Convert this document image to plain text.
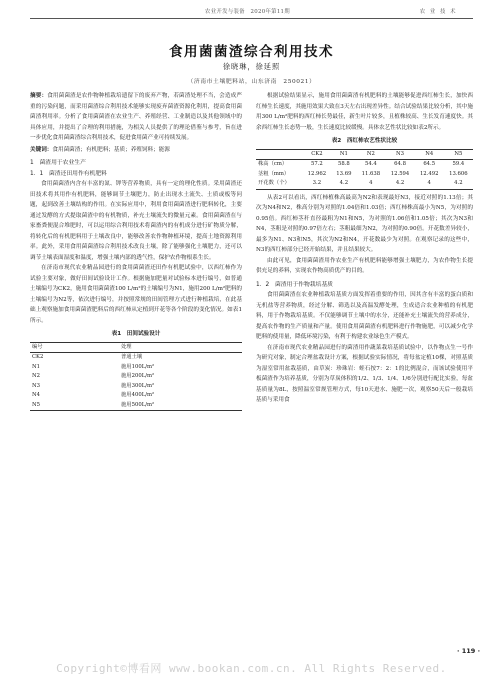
农业开发与装备　2020年第11期	农 业 技 术
食用菌菌渣综合利用技术
徐晓琳，徐延照
（济南市土壤肥料站，山东济南　250021）

摘要：食用菌菌渣是农作物种植栽培遗留下的废弃产物，若菌渣处理不当，会造成严重的污染问题，而采用菌渣综合利用技术能够实现废弃菌渣资源化利用，提高食用菌菌渣利用率。分析了食用菌菌渣在农业生产、养殖经营、工业制造以及其他领域中的具体应用，并提出了合理的利用措施，为相关人员提供了的理论借鉴与参考，旨在进一步优化食用菌菌渣综合利用技术，促进食用菌产业可持续发展。

关键词：食用菌菌渣；有机肥料；基质；养殖饲料；能源

1　菌渣用于农业生产

1．1　菌渣还田用作有机肥料

食用菌菌渣内含有丰富的氮、钾等营养物质，具有一定的理化性质。采用菌渣还田技术将其用作有机肥料，能够调节土壤肥力，防止出现水土流失、土质或板等问题，起到改善土壤结构的作用。在实际应用中，利用食用菌菌渣进行肥料转化，主要通过发酵的方式提取菌渣中的有机物质，补充土壤流失的微量元素。食用菌菌渣在与家畜粪便混合堆肥时，可以运用综合利用技术将菌渣内的有机成分进行矿物质分解，将转化后的有机肥料用于土壤改良中，能够改善农作物种植环境，提高土地资源利用率。此外，采用食用菌菌渣综合利用技术改良土壤，除了能够强化土壤肥力，还可以调节土壤表面湿度和温度，增强土壤内部的透气性，保护农作物根系生长。

在济南市现代农业精品园进行的食用菌菌渣还田作有机肥试验中，以西红柿作为试验主要对象，做好田间试验设计工作。根据施加肥量对试验标本进行编号，如普通土壤编号为CK2，施用食用菌菌渣100 L/m²的土壤编号为N1，施用200 L/m²肥料的土壤编号为N2等，依次进行编号，并按照常规的田间管理方式进行种植栽培，在此基础上观察施加食用菌菌渣肥料后的西红柿从定植到开花等各个阶段的变化情况。如表1所示。

表1　田间试验设计

编号	处理
CK2	普通土壤
N1	施用100L/m²
N2	施用200L/m²
N3	施用300L/m²
N4	施用400L/m²
N5	施用500L/m²

根据试验结果显示，施用食用菌菌渣有机肥料的土壤能够促进西红柿生长，加快西红柿生长速度，其施用效果大致在3天左右出现差异性。结合试验结果比较分析，其中施用300 L/m²肥料的西红柿长势最佳，新生叶片较多，且植株较高、生长发育速度快。其余西红柿生长态势一般，生长速度比较缓慢。具体农艺性状比较如表2所示。

表2　西红柿农艺性状比较

	CK2	N1	N2	N3	N4	N5
株高（cm）	57.2	58.8	54.4	64.8	64.5	59.4
茎粗（mm）	12.962	13.69	11.638	12.594	12.492	13.606
开花数（个）	3.2	4.2	4	4.2	4	4.2

从表2可以看出，西红柿植株高最高为N2和表现最好N3，接近对照的1.13倍；其次为N4和N2，株高分别为对照的1.04倍和1.03倍；西红柿株高最小为N5，为对照的0.95倍。西红柿茎秆直径最粗为N1和N5，为对照的1.06倍和1.05倍；其次为N3和N4，茎粗是对照的0.97倍左右；茎粗最细为N2，为对照的0.90倍。开花数差异较小，最多为N1、N3和N5，其次为N2和N4，开花数最少为对照。在观察记录的这些中，N3的西红柿部分已经开始结果，并且结果较大。

由此可见，食用菌菌渣用作农业生产有机肥料能够增强土壤肥力，为农作物生长提供充足的养料，实现农作物高质优产的目的。

1．2　菌渣用于作物栽培基质

食用菌菌渣在农业种植栽培基质方面发挥着重要的作用，因其含有丰富的蛋白质和无机盐等营养物质，经过分解、筛选以及高温发酵处理，生成适合农业种植的有机肥料，用于作物栽培基质。不仅能够调节土壤中的水分，还能补充土壤流失的营养成分，提高农作物的生产质量和产量。使用食用菌菌渣有机肥料进行作物施肥，可以减少化学肥料的使用量，降低环境污染，有利于构建农业绿色生产模式。

在济南市现代农业精品园进行的菌渣用作蔬菜栽培基质试验中，以作物点生一号作为研究对象，制定合理盆栽设计方案，根据试验实际情况，将每盆定植10棵，对照基质为湿室常用盆栽基质，由草炭：珍珠岩：蛭石按7：2：1的比例混合，而该试验使用平板菌渣作为培养基质，分别为草炭体积的1/2、1/3、1/4、1/6分别进行配比实验，每盆基质量为8L，按照温室常规管理方式，每10天进水、施肥一次，观察50天后一般栽培基质与采用食

· 119 ·
Copyright©博看网 www.bookan.com.cn. All Rights Reserved.
